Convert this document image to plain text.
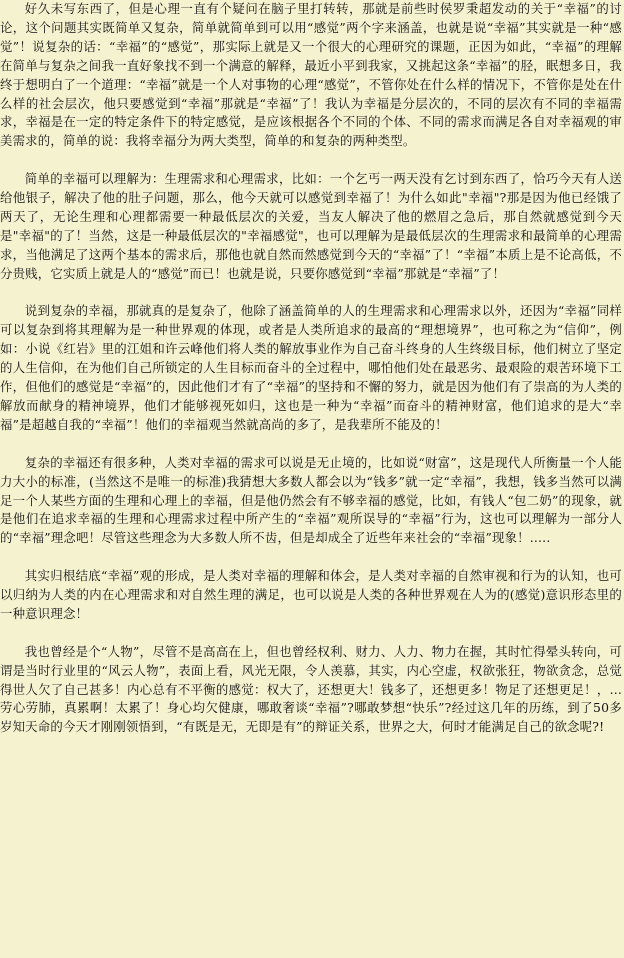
好久未写东西了，但是心理一直有个疑问在脑子里打转转，那就是前些时侯罗秉超发动的关于“幸福”的讨论，这个问题其实既简单又复杂，简单就简单到可以用“感觉”两个字来涵盖，也就是说“幸福”其实就是一种“感觉”！说复杂的话：“幸福”的“感觉”，那实际上就是又一个很大的心理研究的课题，正因为如此，“幸福”的理解在简单与复杂之间我一直好象找不到一个满意的解释，最近小平到我家，又挑起这条“幸福”的胫，眠想多日，我终于想明白了一个道理：“幸福”就是一个人对事物的心理“感觉”，不管你处在什么样的情况下，不管你是处在什么样的社会层次，他只要感觉到“幸福”那就是“幸福”了！我认为幸福是分层次的，不同的层次有不同的幸福需求，幸福是在一定的特定条件下的特定感觉，是应该根据各个不同的个体、不同的需求而满足各自对幸福观的审美需求的，简单的说：我将幸福分为两大类型，简单的和复杂的两种类型。

简单的幸福可以理解为：生理需求和心理需求，比如：一个乞丐一两天没有乞讨到东西了，恰巧今天有人送给他银子，解决了他的肚子问题，那么，他今天就可以感觉到幸福了！为什么如此"幸福"?那是因为他已经饿了两天了，无论生理和心理都需要一种最低层次的关爱，当友人解决了他的燃眉之急后，那自然就感觉到今天是"幸福"的了！当然，这是一种最低层次的"幸福感觉"，也可以理解为是最低层次的生理需求和最简单的心理需求，当他满足了这两个基本的需求后，那他也就自然而然感觉到今天的“幸福”了！“幸福”本质上是不论高低，不分贵贱，它实质上就是人的“感觉”而已！也就是说，只要你感觉到“幸福”那就是“幸福”了！

说到复杂的幸福，那就真的是复杂了，他除了涵盖简单的人的生理需求和心理需求以外，还因为“幸福”同样可以复杂到将其理解为是一种世界观的体现，或者是人类所追求的最高的“理想境界”，也可称之为“信仰”，例如：小说《红岩》里的江姐和许云峰他们将人类的解放事业作为自己奋斗终身的人生终级目标，他们树立了坚定的人生信仰，在为他们自己所锁定的人生目标而奋斗的全过程中，哪怕他们处在最恶劣、最艰险的艰苦环境下工作，但他们的感觉是“幸福”的，因此他们才有了“幸福”的坚持和不懈的努力，就是因为他们有了崇高的为人类的解放而献身的精神境界，他们才能够视死如归，这也是一种为“幸福”而奋斗的精神财富，他们追求的是大“幸福”是超越自我的“幸福”！他们的幸福观当然就高尚的多了，是我辈所不能及的！

复杂的幸福还有很多种，人类对幸福的需求可以说是无止境的，比如说“财富”，这是现代人所衡量一个人能力大小的标准，(当然这不是唯一的标准)我猜想大多数人都会以为“钱多”就一定“幸福”，我想，钱多当然可以满足一个人某些方面的生理和心理上的幸福，但是他仍然会有不够幸福的感觉，比如，有钱人“包二奶”的现象，就是他们在追求幸福的生理和心理需求过程中所产生的“幸福”观所误导的“幸福”行为，这也可以理解为一部分人的“幸福”理念吧！尽管这些理念为大多数人所不齿，但是却成全了近些年来社会的“幸福”现象！.....

其实归根结底“幸福”观的形成，是人类对幸福的理解和体会，是人类对幸福的自然审视和行为的认知，也可以归纳为人类的内在心理需求和对自然生理的满足，也可以说是人类的各种世界观在人为的(感觉)意识形态里的一种意识理念！

我也曾经是个“人物”，尽管不是高高在上，但也曾经权利、财力、人力、物力在握，其时忙得晕头转向，可谓是当时行业里的“风云人物”，表面上看，风光无限，令人羡慕，其实，内心空虚，权欲张狂，物欲贪念，总觉得世人欠了自己甚多！内心总有不平衡的感觉：权大了，还想更大！钱多了，还想更多！物足了还想更足！，...劳心劳肺，真累啊！太累了！身心均欠健康，哪敢奢谈“幸福”?哪敢梦想“快乐”?经过这几年的历练，到了50多岁知天命的今天才刚刚领悟到，“有既是无，无即是有”的辩证关系，世界之大，何时才能满足自己的欲念呢?!
